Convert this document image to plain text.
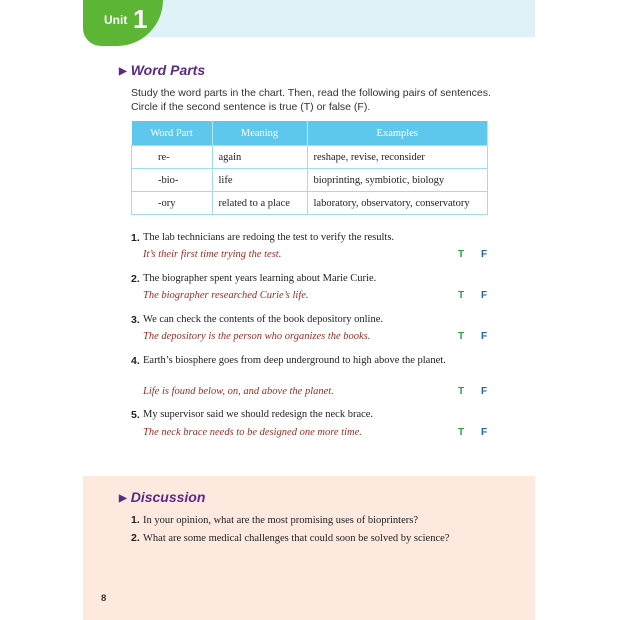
Unit 1
▶ Word Parts
Study the word parts in the chart. Then, read the following pairs of sentences. Circle if the second sentence is true (T) or false (F).
Word Part	Meaning	Examples
re-	again	reshape, revise, reconsider
-bio-	life	bioprinting, symbiotic, biology
-ory	related to a place	laboratory, observatory, conservatory
1. The lab technicians are redoing the test to verify the results.
It’s their first time trying the test.	T F
2. The biographer spent years learning about Marie Curie.
The biographer researched Curie’s life.	T F
3. We can check the contents of the book depository online.
The depository is the person who organizes the books.	T F
4. Earth’s biosphere goes from deep underground to high above the planet.
Life is found below, on, and above the planet.	T F
5. My supervisor said we should redesign the neck brace.
The neck brace needs to be designed one more time.	T F
▶ Discussion
1. In your opinion, what are the most promising uses of bioprinters?
2. What are some medical challenges that could soon be solved by science?
8
